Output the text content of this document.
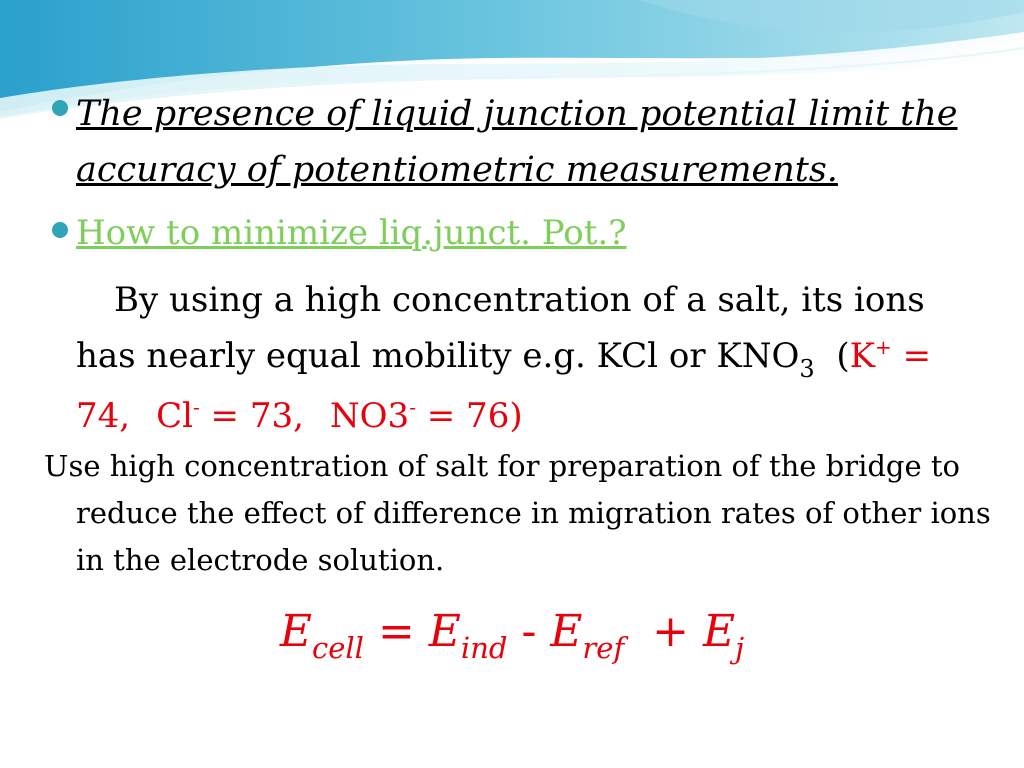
The presence of liquid junction potential limit the accuracy of potentiometric measurements.
How to minimize liq.junct. Pot.?
By using a high concentration of a salt, its ions has nearly equal mobility e.g. KCl or $KNO_3$ (K+ = 74, Cl- = 73, NO3- = 76)
Use high concentration of salt for preparation of the bridge to reduce the effect of difference in migration rates of other ions in the electrode solution.
$E_{cell} = E_{ind} - E_{ref} + E_j$
